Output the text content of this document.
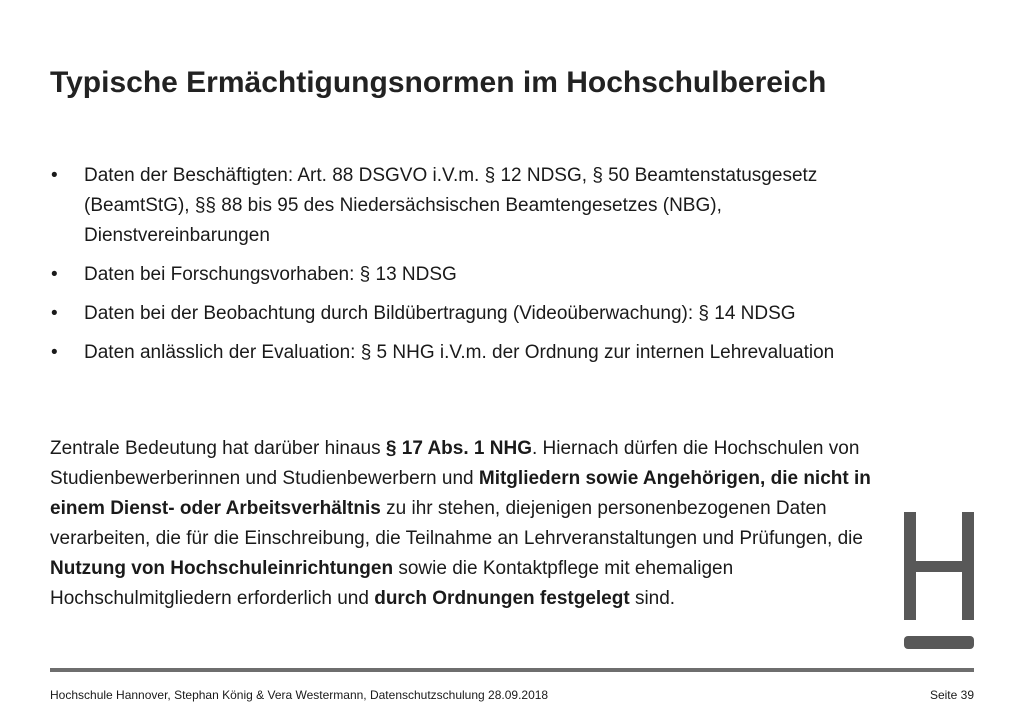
Typische Ermächtigungsnormen im Hochschulbereich
• Daten der Beschäftigten: Art. 88 DSGVO i.V.m. § 12 NDSG, § 50 Beamtenstatusgesetz (BeamtStG), §§ 88 bis 95 des Niedersächsischen Beamtengesetzes (NBG), Dienstvereinbarungen
• Daten bei Forschungsvorhaben: § 13 NDSG
• Daten bei der Beobachtung durch Bildübertragung (Videoüberwachung): § 14 NDSG
• Daten anlässlich der Evaluation: § 5 NHG i.V.m. der Ordnung zur internen Lehrevaluation

Zentrale Bedeutung hat darüber hinaus § 17 Abs. 1 NHG. Hiernach dürfen die Hochschulen von Studienbewerberinnen und Studienbewerbern und Mitgliedern sowie Angehörigen, die nicht in einem Dienst- oder Arbeitsverhältnis zu ihr stehen, diejenigen personenbezogenen Daten verarbeiten, die für die Einschreibung, die Teilnahme an Lehrveranstaltungen und Prüfungen, die Nutzung von Hochschuleinrichtungen sowie die Kontaktpflege mit ehemaligen Hochschulmitgliedern erforderlich und durch Ordnungen festgelegt sind.

Hochschule Hannover, Stephan König & Vera Westermann, Datenschutzschulung 28.09.2018	Seite 39
